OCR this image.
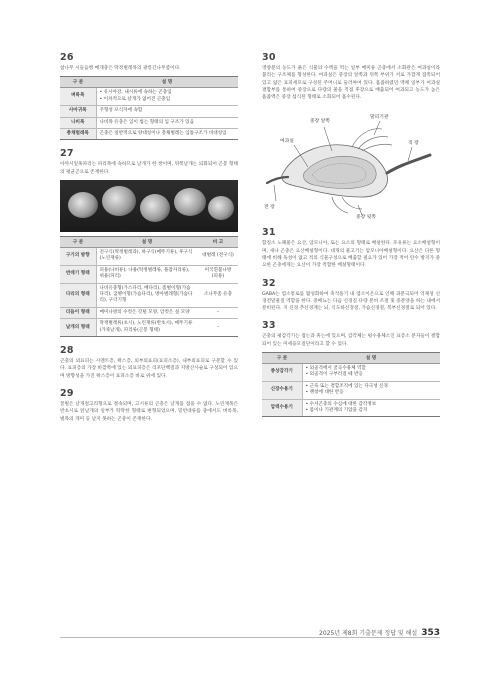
26

참나무 시들음병 매개충은 딱정벌레목의 광릉긴나무좀이다.

구 분	설 명
벼룩목	• 유시아강, 내시류에 속하는 곤충임
• 이차적으로 날개가 없어진 곤충임

사마귀목	주형성 포식자에 속함
나비목	나비목 유충은 입이 씹는 형태의 입 구조가 있음
총채벌레목	곤충은 일반적으로 양대칭이나 총채벌레는 입틀구조가 비대칭임
27

아까시잎혹파리는 파리목에 속하므로 날개가 한 쌍이며, 뒤쪽날개는 퇴화되어 곤봉 형태의 평균곤으로 존재한다.

구 분	설 명	비 고
구기의 방향	전구식(딱정벌레과), 하구식(메뚜기류), 후구식(노린재류)	대벌레 (전구식)
번데기 형태	피용(나비류), 나용(딱정벌레류, 풀잠자리류), 위용(파리)	미국흰불나방 (피용)
다리의 형태	나비유충형(가스다리, 배다리), 좀벌이형(가슴다리), 굼벵이형(가슴다리), 방아벌레형(가슴다리), 구더기형	소나무좀 유충
더듬이 형태	매미나방의 수컷은 깃털 모양, 암컷은 실 모양	–
날개의 형태	딱정벌레류(초시), 노린재류(반초시), 메뚜기류(가죽날개), 파리류(곤봉 형태)	–
28

곤충의 외표피는 시멘트층, 왁스층, 외부외표피(표피소층), 내부외표피로 구분할 수 있다. 표피층의 가장 바깥쪽에 있는 외표피층은 리포단백질과 지방산사슬로 구성되어 있으며 방향성을 가진 왁스층이 표피소층 바로 위에 있다.

29

꿀벌은 날개걸고리형으로 결속되며, 고시류의 곤충은 날개를 접을 수 없다. 노린재목은 반초시로 앞날개의 일부가 딱딱한 형태로 변형되었으며, 밑빈대류를 충에서도 벼룩목, 벌목의 개미 등 날지 못하는 곤충이 존재한다.

30

영양분의 농도가 묽은 식물의 수액을 먹는 일부 매미류 곤충에서 소화관은 여과실이라 불리는 구조체를 형성한다. 여과실은 중장의 앞쪽과 뒤쪽 부위가 서로 가깝게 접촉되어 있고 얇은 표피세포로 구성된 주머니로 둘러싸여 있다. 흡즙하였던 액체 일부가 여과실 결합부를 통하여 중장으로 다량의 물을 직접 후장으로 배출되어 여과되고 농도가 높은 흡즙액은 중장 섭식된 형태로 소화되어 흡수된다.

중장 앞쪽
말피기관
여과실	직 장
전 장
중장 뒷쪽
31

함질소 노폐물은 요산, 암모니아, 또는 요소의 형태로 배설한다. 포유류는 요소배설형이며, 새나 곤충은 요산배설형이다. 대개의 물고기는 암모니아배설형이다. 요산은 다른 형태에 비해 독성이 없고 적의 식물구성으로 배출할 필요가 있어 가장 적어 탄수 방지가 중요한 곤충에게는 요산이 가장 적합한 배설형태이다.

32

GABA는 염소통로를 활성화하여 축삭돌기 내 염소이온으로 인해 과분극되어 억제성 신경전달물질 역할을 한다. 중배뇨는 다음 신경질 다량 분비 조절 및 중분양을 하는 내에서 분비된다. 지 신경 추신경계는 뇌, 식도하신경절, 가슴신경절, 복부신경절로 되어 있다.

33

곤충의 평감각기는 접는과 휴는에 있으며, 감각체는 평수용체소인 표층소 분자들이 결합되어 있는 미세융모질단이라고 할 수 있다.

구 분	설 명
종상감각기	• 외골격에서 굴곡수용체 역할
• 외골격이 구부러질 때 반응

신장수용기	• 근육 또는 결합조직에 있는 다극성 신경
• 팽창에 대한 반응

압력수용기	• 수서곤충의 수심에 대한 감각정보
• 몸이나 기관계의 기압을 감지
2025년 제8회 기출문제 정답 및 해설 353
